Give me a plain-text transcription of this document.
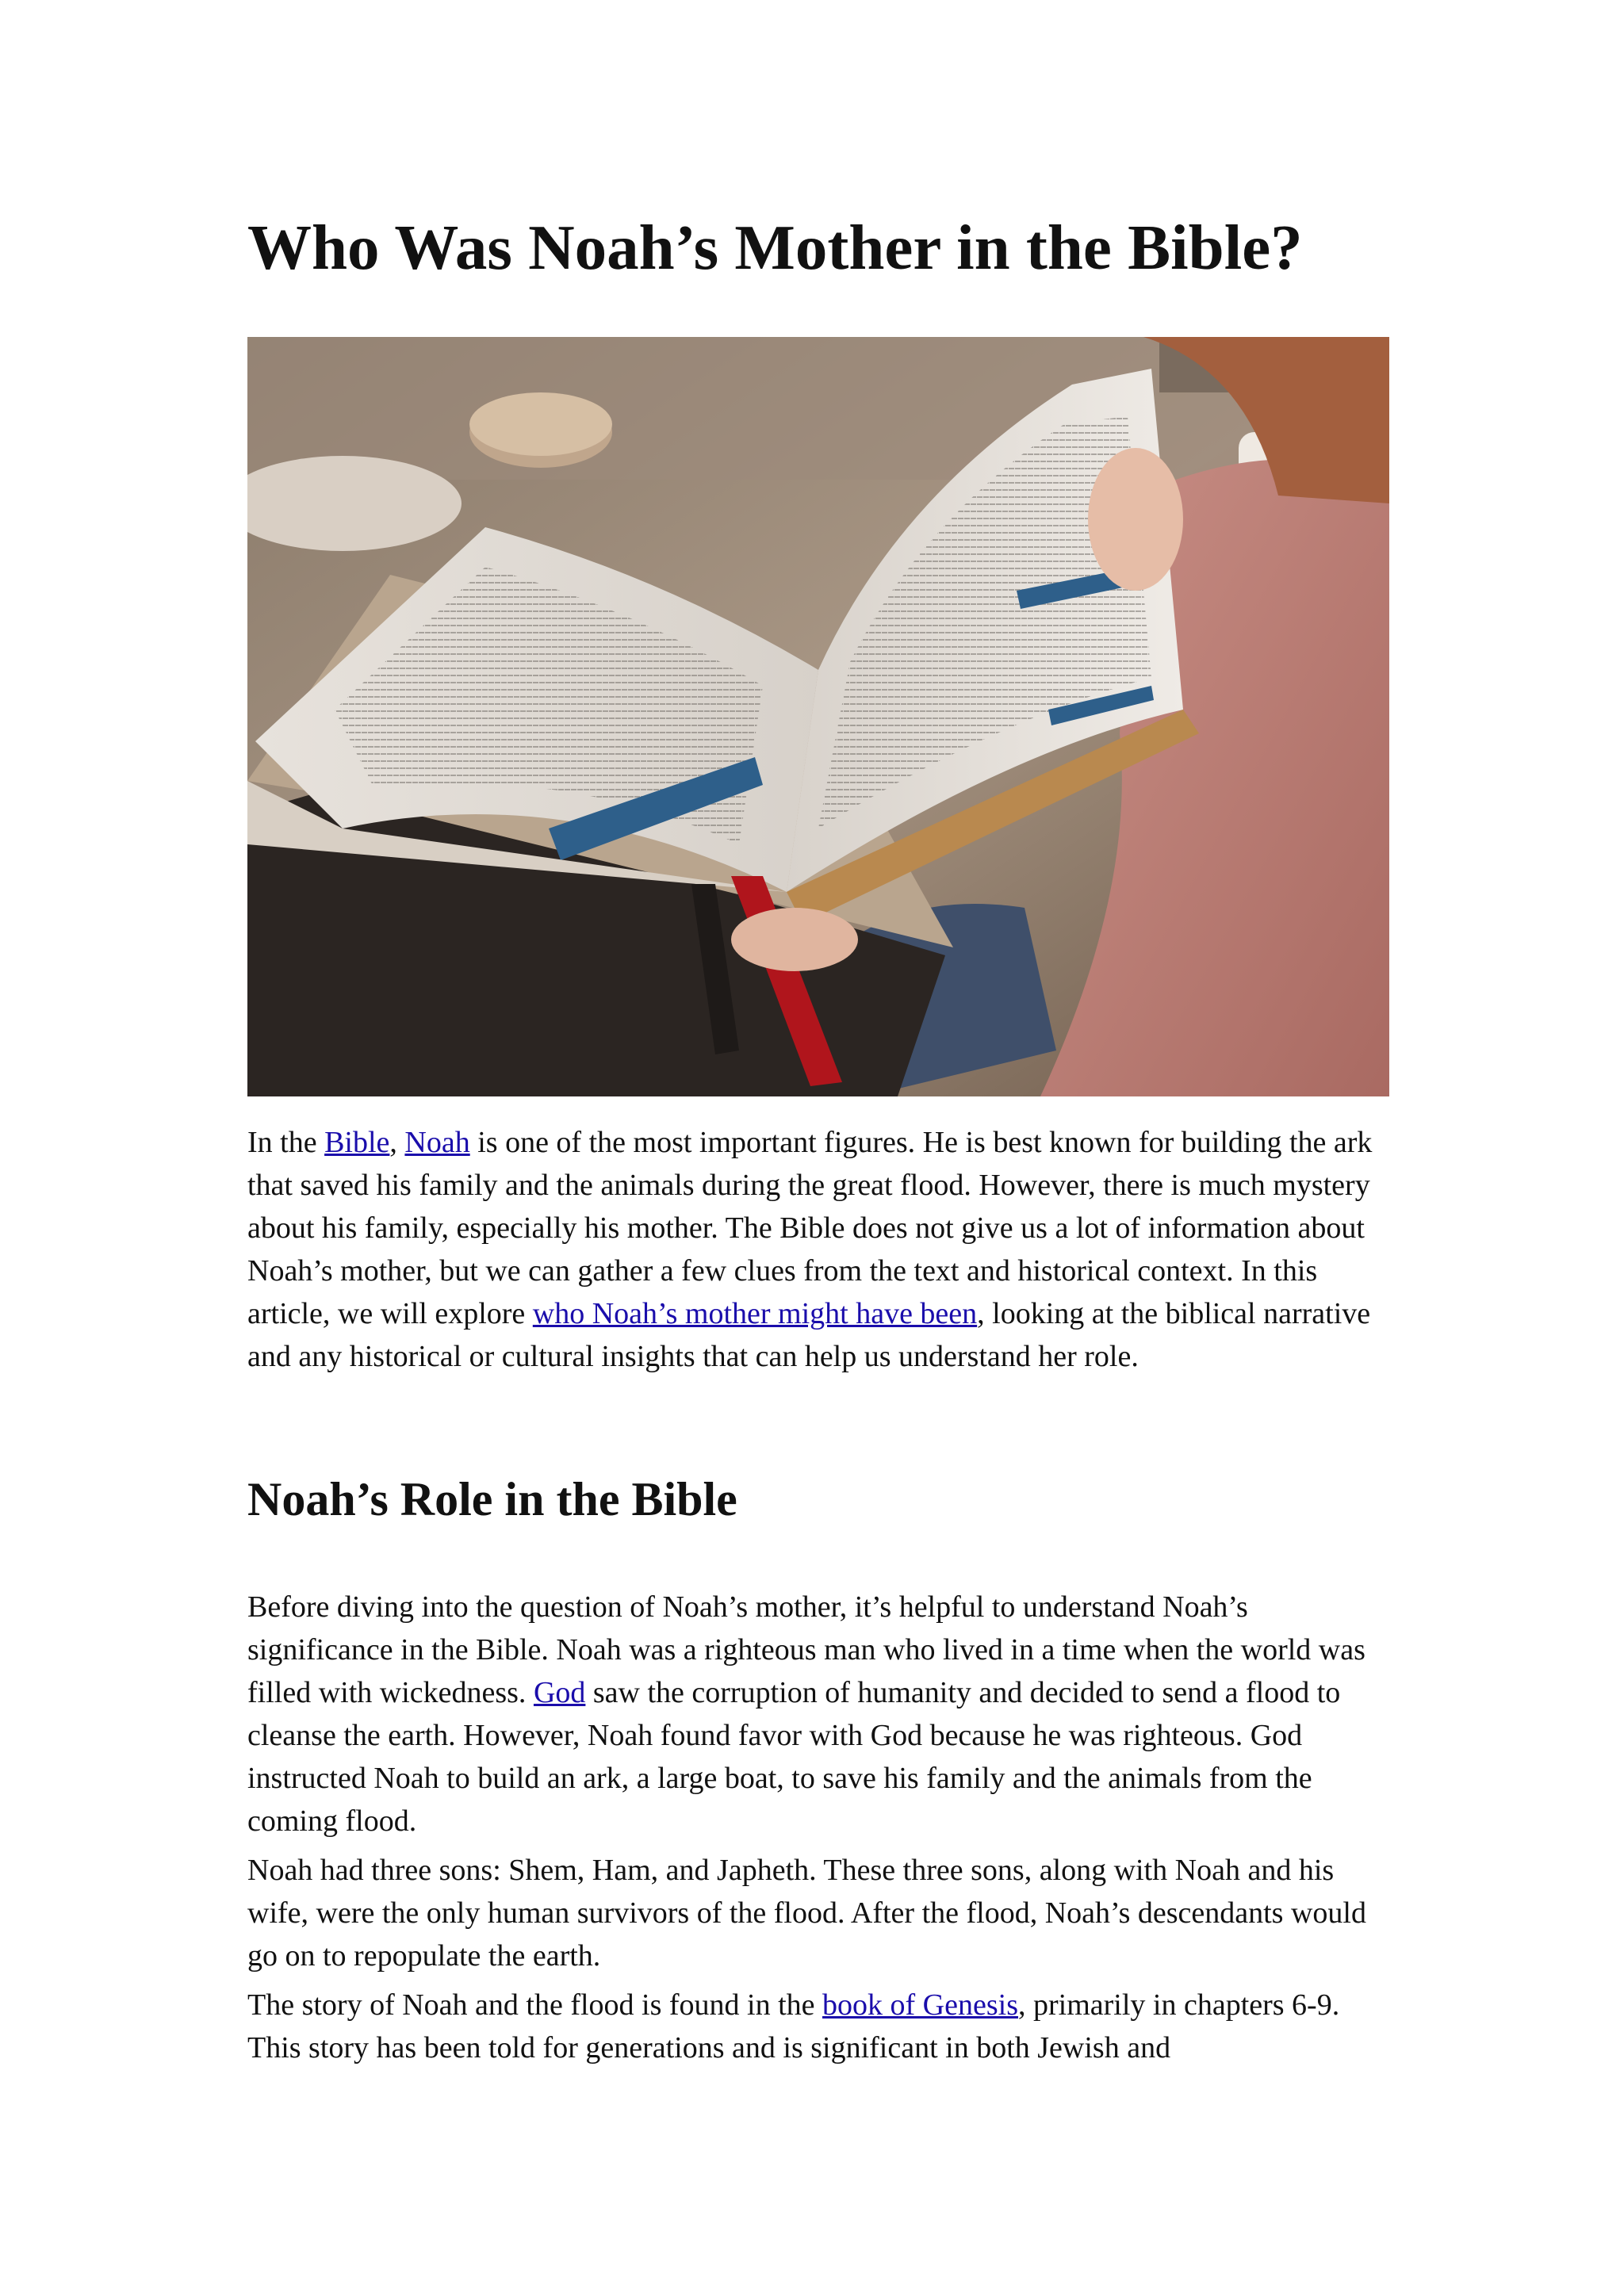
Who Was Noah’s Mother in the Bible?

In the Bible, Noah is one of the most important figures. He is best known for building the ark that saved his family and the animals during the great flood. However, there is much mystery about his family, especially his mother. The Bible does not give us a lot of information about Noah’s mother, but we can gather a few clues from the text and historical context. In this article, we will explore who Noah’s mother might have been, looking at the biblical narrative and any historical or cultural insights that can help us understand her role.

Noah’s Role in the Bible

Before diving into the question of Noah’s mother, it’s helpful to understand Noah’s significance in the Bible. Noah was a righteous man who lived in a time when the world was filled with wickedness. God saw the corruption of humanity and decided to send a flood to cleanse the earth. However, Noah found favor with God because he was righteous. God instructed Noah to build an ark, a large boat, to save his family and the animals from the coming flood.

Noah had three sons: Shem, Ham, and Japheth. These three sons, along with Noah and his wife, were the only human survivors of the flood. After the flood, Noah’s descendants would go on to repopulate the earth.

The story of Noah and the flood is found in the book of Genesis, primarily in chapters 6-9. This story has been told for generations and is significant in both Jewish and
